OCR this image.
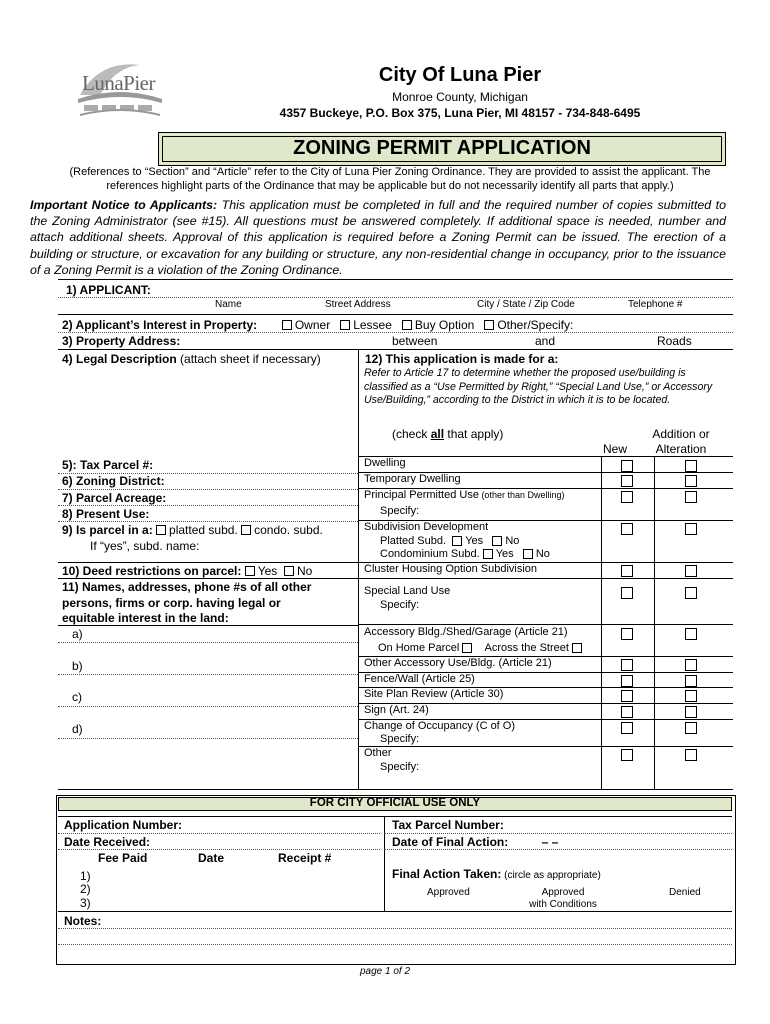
LunaPier	City Of Luna Pier
Monroe County, Michigan
4357 Buckeye, P.O. Box 375, Luna Pier, MI 48157 - 734-848-6495
ZONING PERMIT APPLICATION
(References to “Section” and “Article” refer to the City of Luna Pier Zoning Ordinance. They are provided to assist the applicant. The references highlight parts of the Ordinance that may be applicable but do not necessarily identify all parts that apply.)
Important Notice to Applicants: This application must be completed in full and the required number of copies submitted to the Zoning Administrator (see #15). All questions must be answered completely. If additional space is needed, number and attach additional sheets. Approval of this application is required before a Zoning Permit can be issued. The erection of a building or structure, or excavation for any building or structure, any non-residential change in occupancy, prior to the issuance of a Zoning Permit is a violation of the Zoning Ordinance.
1) APPLICANT:
Name	Street Address	City / State / Zip Code	Telephone #
2) Applicant’s Interest in Property:	Owner Lessee Buy Option Other/Specify:
3) Property Address:	between	and	Roads
4) Legal Description (attach sheet if necessary)	12) This application is made for a:
Refer to Article 17 to determine whether the proposed use/building is classified as a “Use Permitted by Right,” “Special Land Use,” or Accessory Use/Building,” according to the District in which it is to be located.
(check all that apply)
New
Addition or Alteration
Dwelling
Temporary Dwelling
Principal Permitted Use (other than Dwelling)
Specify:
Subdivision Development
Platted Subd. Yes No
Condominium Subd. Yes No
Cluster Housing Option Subdivision
Special Land Use
Specify:
Accessory Bldg./Shed/Garage (Article 21)
On Home Parcel Across the Street
Other Accessory Use/Bldg. (Article 21)
Fence/Wall (Article 25)
Site Plan Review (Article 30)
Sign (Art. 24)
Change of Occupancy (C of O)
Specify:
Other
Specify:
5): Tax Parcel #:
6) Zoning District:
7) Parcel Acreage:
8) Present Use:
9) Is parcel in a: platted subd. condo. subd.
If “yes”, subd. name:
10) Deed restrictions on parcel: Yes No
11) Names, addresses, phone #s of all other
persons, firms or corp. having legal or
equitable interest in the land:
a)
b)
c)
d)
FOR CITY OFFICIAL USE ONLY
Application Number:
Date Received:
Fee Paid	Date	Receipt #
1)
2)
3)
Notes:
Tax Parcel Number:
Date of Final Action:	– –
Final Action Taken: (circle as appropriate)
Approved	Approved
with Conditions
Denied
page 1 of 2
